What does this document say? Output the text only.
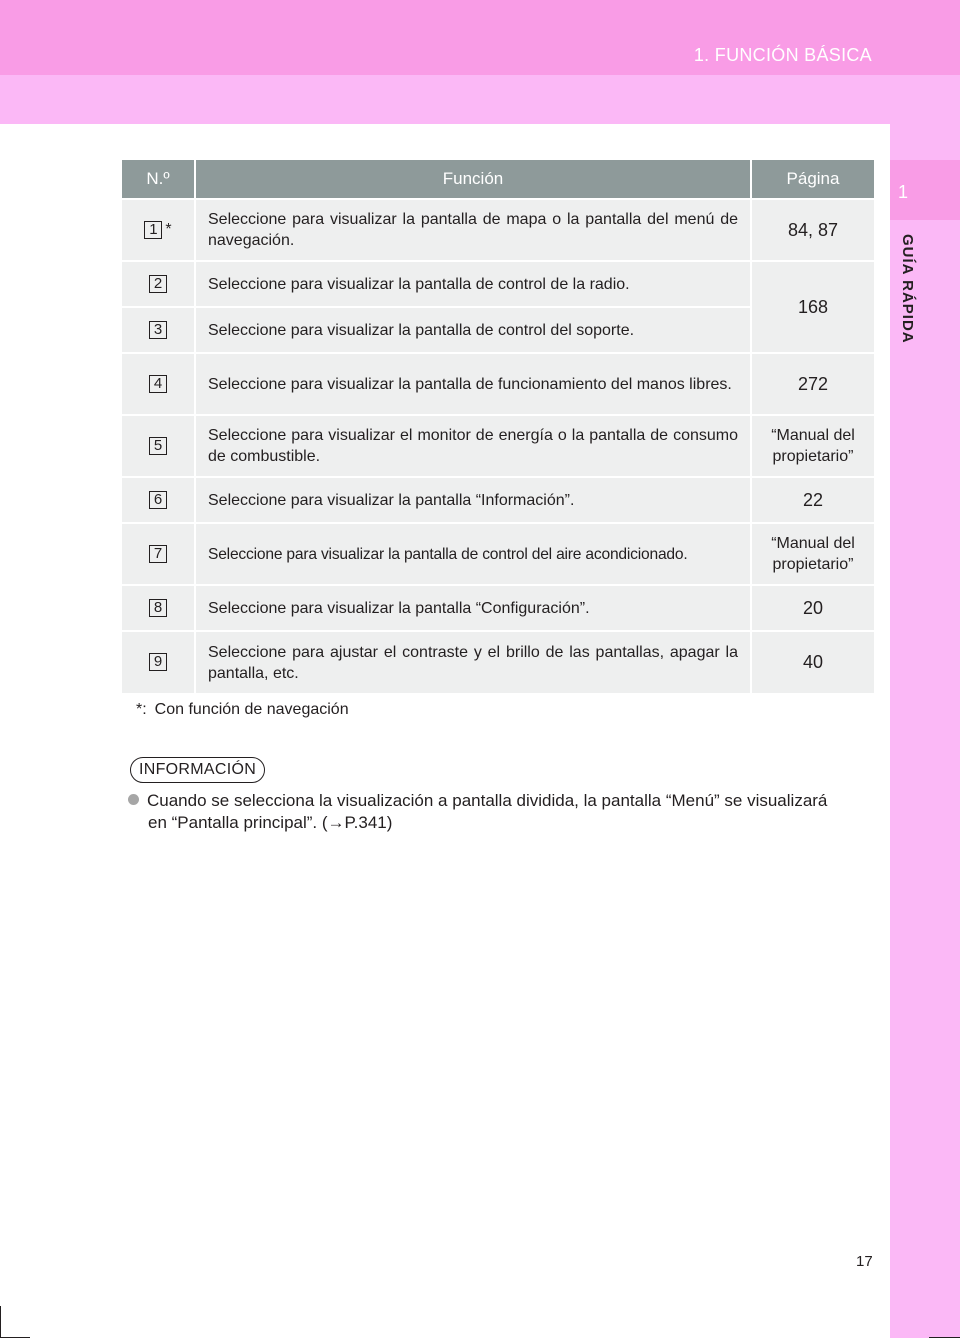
1. FUNCIÓN BÁSICA
1
GUÍA RÁPIDA
N.º	Función	Página
1 *	Seleccione para visualizar la pantalla de mapa o la pantalla del menú de navegación.	84, 87
2	Seleccione para visualizar la pantalla de control de la radio.	168
3	Seleccione para visualizar la pantalla de control del soporte.	
4	Seleccione para visualizar la pantalla de funcionamiento del manos libres.	272
5	Seleccione para visualizar el monitor de energía o la pantalla de consumo de combustible.	“Manual del propietario”
6	Seleccione para visualizar la pantalla “Información”.	22
7	Seleccione para visualizar la pantalla de control del aire acondicionado.	“Manual del propietario”
8	Seleccione para visualizar la pantalla “Configuración”.	20
9	Seleccione para ajustar el contraste y el brillo de las pantallas, apagar la pantalla, etc.	40
*: Con función de navegación
INFORMACIÓN
Cuando se selecciona la visualización a pantalla dividida, la pantalla “Menú” se visualizará
en “Pantalla principal”. (→P.341)
17
